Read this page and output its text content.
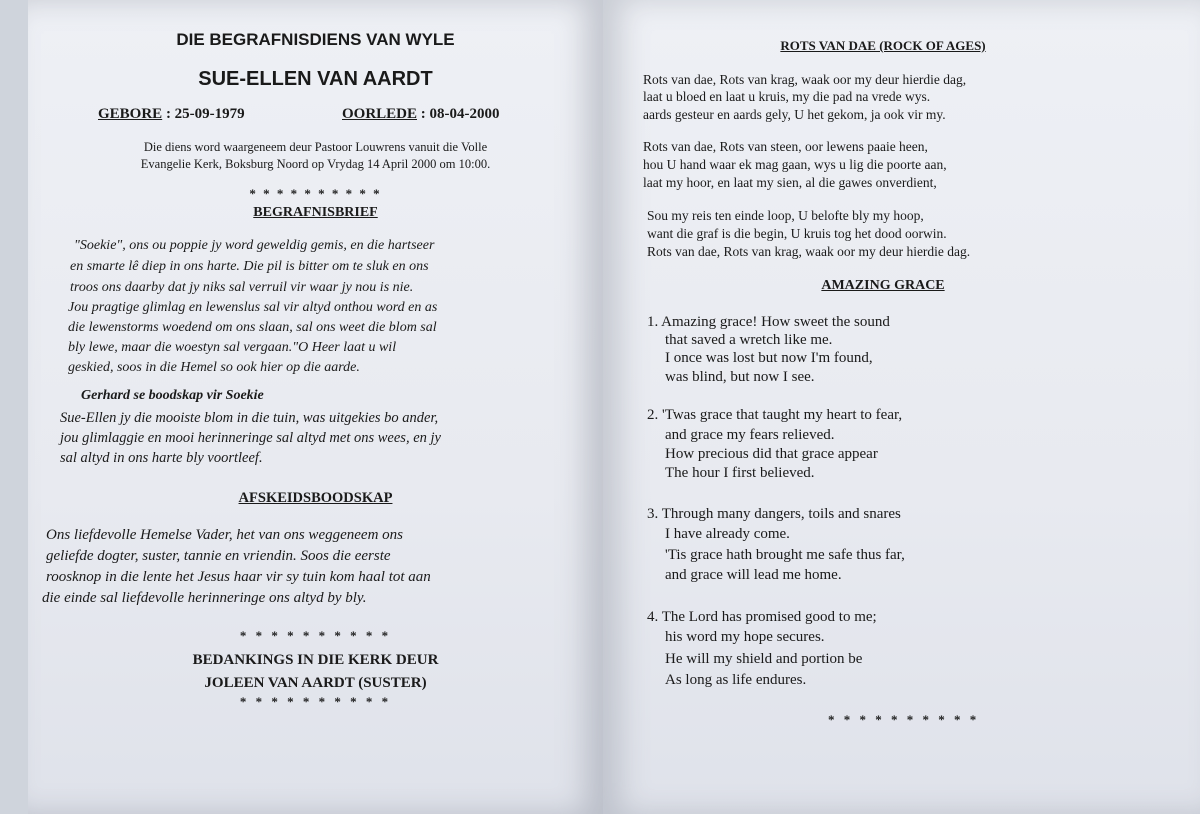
DIE BEGRAFNISDIENS VAN WYLE
SUE-ELLEN VAN AARDT
GEBORE : 25-09-1979	OORLEDE : 08-04-2000
Die diens word waargeneem deur Pastoor Louwrens vanuit die Volle
Evangelie Kerk, Boksburg Noord op Vrydag 14 April 2000 om 10:00.
* * * * * * * * * *
BEGRAFNISBRIEF
"Soekie", ons ou poppie jy word geweldig gemis, en die hartseer
en smarte lê diep in ons harte. Die pil is bitter om te sluk en ons
troos ons daarby dat jy niks sal verruil vir waar jy nou is nie.
Jou pragtige glimlag en lewenslus sal vir altyd onthou word en as
die lewenstorms woedend om ons slaan, sal ons weet die blom sal
bly lewe, maar die woestyn sal vergaan."O Heer laat u wil
geskied, soos in die Hemel so ook hier op die aarde.
Gerhard se boodskap vir Soekie
Sue-Ellen jy die mooiste blom in die tuin, was uitgekies bo ander,
jou glimlaggie en mooi herinneringe sal altyd met ons wees, en jy
sal altyd in ons harte bly voortleef.
AFSKEIDSBOODSKAP
Ons liefdevolle Hemelse Vader, het van ons weggeneem ons
geliefde dogter, suster, tannie en vriendin. Soos die eerste
roosknop in die lente het Jesus haar vir sy tuin kom haal tot aan
die einde sal liefdevolle herinneringe ons altyd by bly.
* * * * * * * * * *
BEDANKINGS IN DIE KERK DEUR
JOLEEN VAN AARDT (SUSTER)
* * * * * * * * * *
ROTS VAN DAE (ROCK OF AGES)
Rots van dae, Rots van krag, waak oor my deur hierdie dag,
laat u bloed en laat u kruis, my die pad na vrede wys.
aards gesteur en aards gely, U het gekom, ja ook vir my.
Rots van dae, Rots van steen, oor lewens paaie heen,
hou U hand waar ek mag gaan, wys u lig die poorte aan,
laat my hoor, en laat my sien, al die gawes onverdient,
Sou my reis ten einde loop, U belofte bly my hoop,
want die graf is die begin, U kruis tog het dood oorwin.
Rots van dae, Rots van krag, waak oor my deur hierdie dag.
AMAZING GRACE
1. Amazing grace! How sweet the sound
that saved a wretch like me.
I once was lost but now I'm found,
was blind, but now I see.
2. 'Twas grace that taught my heart to fear,
and grace my fears relieved.
How precious did that grace appear
The hour I first believed.
3. Through many dangers, toils and snares
I have already come.
'Tis grace hath brought me safe thus far,
and grace will lead me home.
4. The Lord has promised good to me;
his word my hope secures.
He will my shield and portion be
As long as life endures.
* * * * * * * * * *
